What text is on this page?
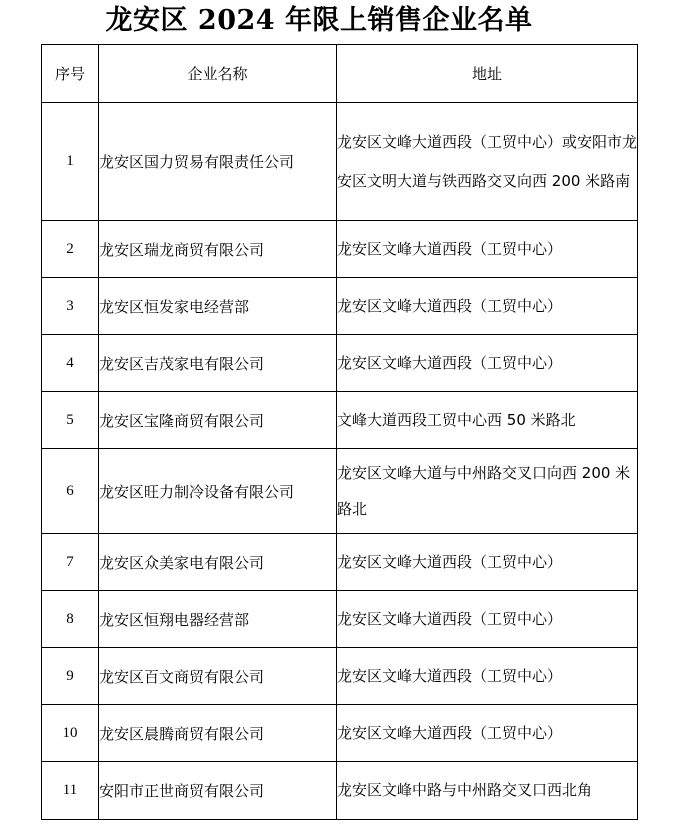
龙安区 2024 年限上销售企业名单
序号	企业名称	地址
1	龙安区国力贸易有限责任公司	龙安区文峰大道西段（工贸中心）或安阳市龙安区文明大道与铁西路交叉向西 200 米路南
2	龙安区瑞龙商贸有限公司	龙安区文峰大道西段（工贸中心）
3	龙安区恒发家电经营部	龙安区文峰大道西段（工贸中心）
4	龙安区吉茂家电有限公司	龙安区文峰大道西段（工贸中心）
5	龙安区宝隆商贸有限公司	文峰大道西段工贸中心西 50 米路北
6	龙安区旺力制冷设备有限公司	龙安区文峰大道与中州路交叉口向西 200 米路北
7	龙安区众美家电有限公司	龙安区文峰大道西段（工贸中心）
8	龙安区恒翔电器经营部	龙安区文峰大道西段（工贸中心）
9	龙安区百文商贸有限公司	龙安区文峰大道西段（工贸中心）
10	龙安区晨腾商贸有限公司	龙安区文峰大道西段（工贸中心）
11	安阳市正世商贸有限公司	龙安区文峰中路与中州路交叉口西北角
